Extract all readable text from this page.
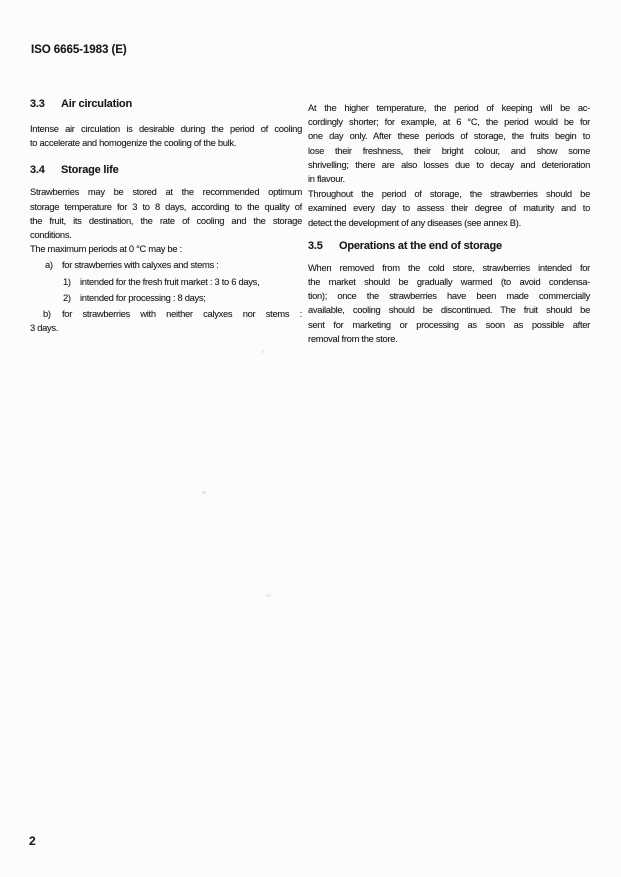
ISO 6665-1983 (E)
3.3 Air circulation
Intense air circulation is desirable during the period of cooling
to accelerate and homogenize the cooling of the bulk.
3.4 Storage life
Strawberries may be stored at the recommended optimum
storage temperature for 3 to 8 days, according to the quality of
the fruit, its destination, the rate of cooling and the storage
conditions.
The maximum periods at 0 °C may be :
a) for strawberries with calyxes and stems :
1) intended for the fresh fruit market : 3 to 6 days,
2) intended for processing : 8 days;
b) for strawberries with neither calyxes nor stems :
3 days.
At the higher temperature, the period of keeping will be ac-
cordingly shorter; for example, at 6 °C, the period would be for
one day only. After these periods of storage, the fruits begin to
lose their freshness, their bright colour, and show some
shrivelling; there are also losses due to decay and deterioration
in flavour.
Throughout the period of storage, the strawberries should be
examined every day to assess their degree of maturity and to
detect the development of any diseases (see annex B).
3.5 Operations at the end of storage
When removed from the cold store, strawberries intended for
the market should be gradually warmed (to avoid condensa-
tion); once the strawberries have been made commercially
available, cooling should be discontinued. The fruit should be
sent for marketing or processing as soon as possible after
removal from the store.
2
